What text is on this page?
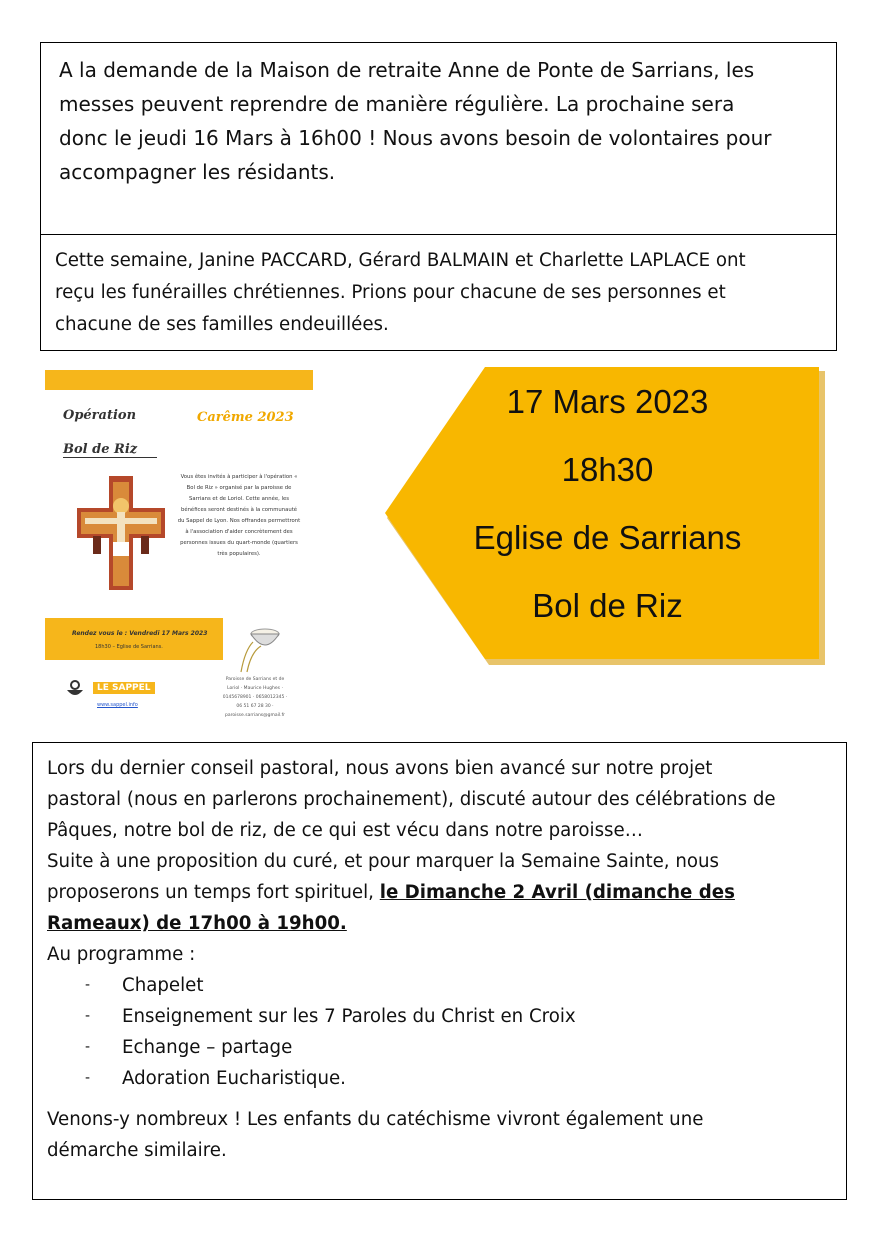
A la demande de la Maison de retraite Anne de Ponte de Sarrians, les

messes peuvent reprendre de manière régulière. La prochaine sera

donc le jeudi 16 Mars à 16h00 ! Nous avons besoin de volontaires pour

accompagner les résidants.

Cette semaine, Janine PACCARD, Gérard BALMAIN et Charlette LAPLACE ont

reçu les funérailles chrétiennes. Prions pour chacune de ses personnes et

chacune de ses familles endeuillées.

Opération
Bol de Riz
Carême 2023
Vous êtes invités à participer à l'opération « Bol de Riz » organisé par la paroisse de Sarrians et de Loriol. Cette année, les bénéfices seront destinés à la communauté du Sappel de Lyon. Nos offrandes permettront à l'association d'aider concrètement des personnes issues du quart-monde (quartiers très populaires).
Rendez vous le : Vendredi 17 Mars 2023
18h30 – Eglise de Sarrians.
LE SAPPEL
www.sappel.info
Paroisse de Sarrians et de Loriol · Maurice Hughes · 0145678901 · 0658012345 · 06 51 67 28 30 · paroisse.sarrians@gmail.fr
17 Mars 2023
18h30
Eglise de Sarrians
Bol de Riz

Lors du dernier conseil pastoral, nous avons bien avancé sur notre projet

pastoral (nous en parlerons prochainement), discuté autour des célébrations de

Pâques, notre bol de riz, de ce qui est vécu dans notre paroisse…

Suite à une proposition du curé, et pour marquer la Semaine Sainte, nous

proposerons un temps fort spirituel, le Dimanche 2 Avril (dimanche des

Rameaux) de 17h00 à 19h00.

Au programme :

- Chapelet
- Enseignement sur les 7 Paroles du Christ en Croix
- Echange – partage
- Adoration Eucharistique.

Venons-y nombreux ! Les enfants du catéchisme vivront également une

démarche similaire.
